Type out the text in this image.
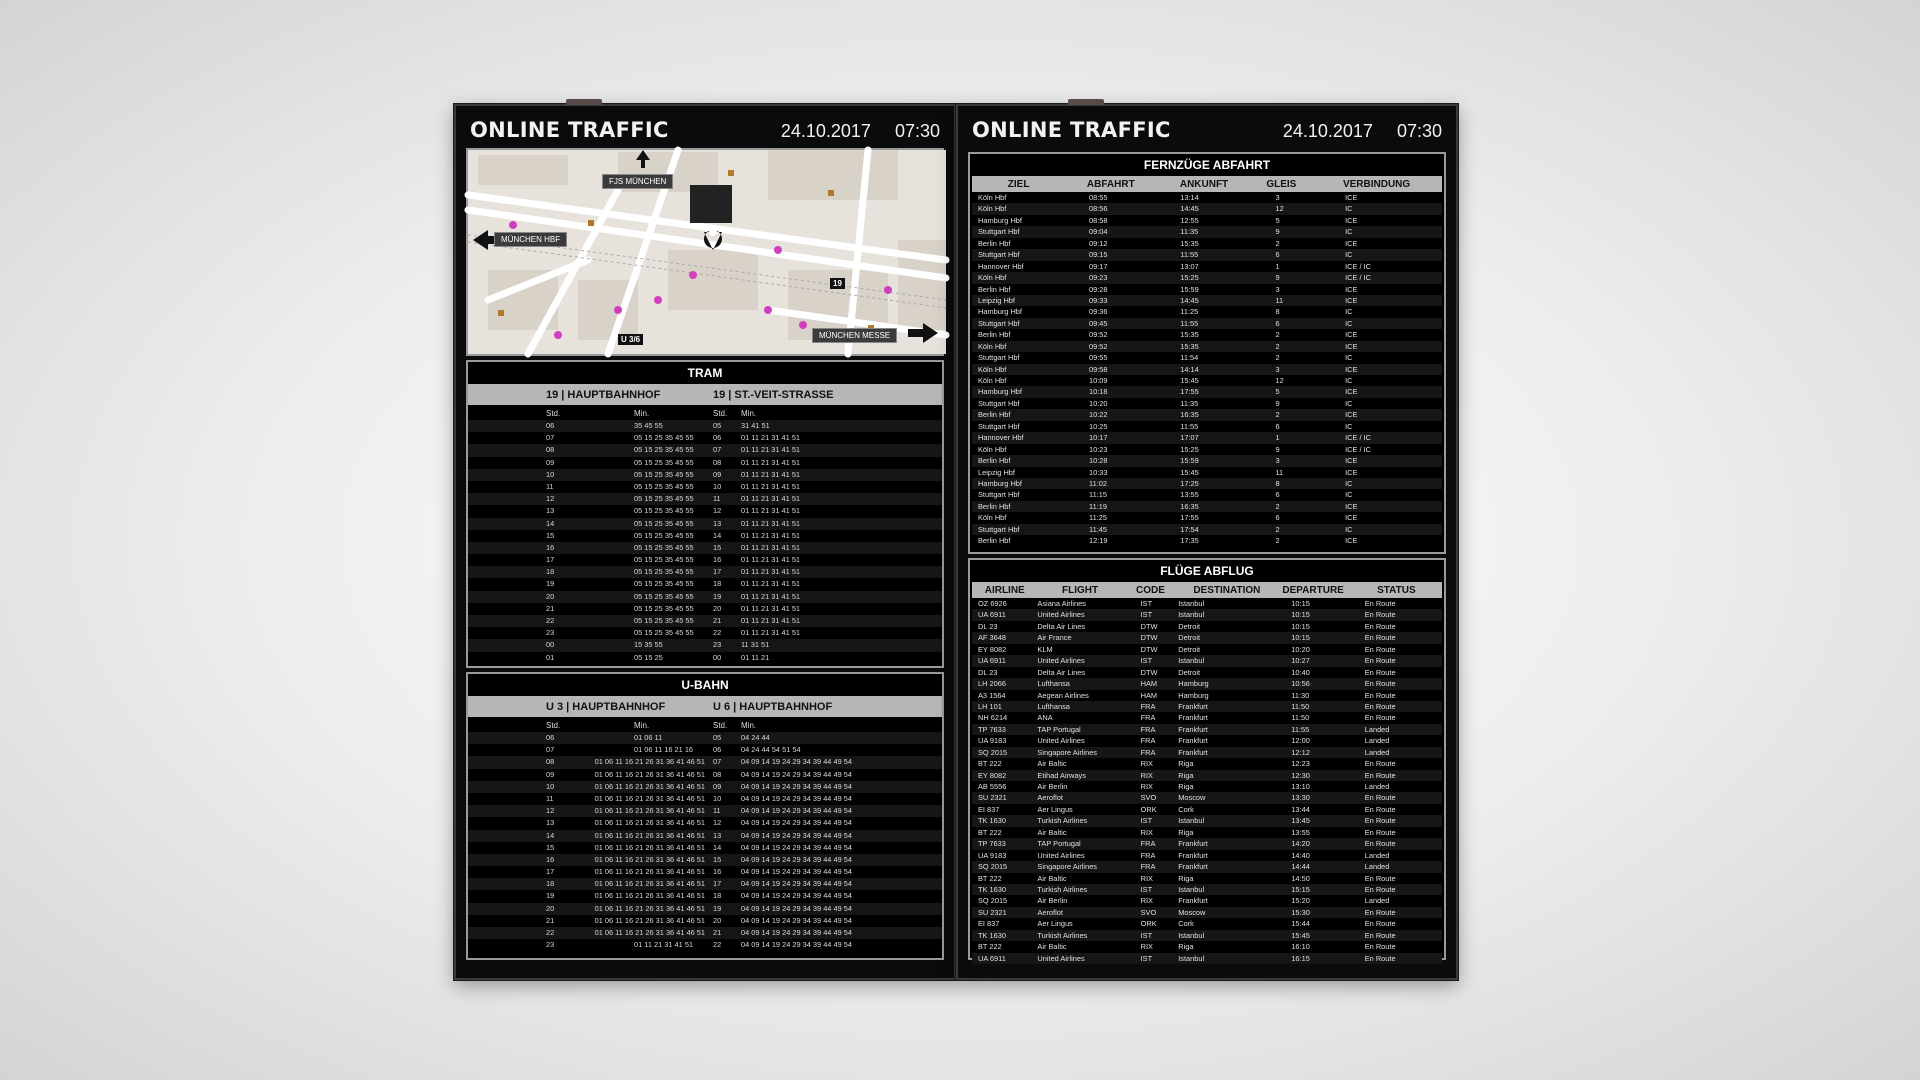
ONLINE TRAFFIC	24.10.2017 07:30
FJS MÜNCHEN
MÜNCHEN HBF
MÜNCHEN MESSE
19
U 3/6
TRAM
19 | HAUPTBAHNHOF
Std.	Min.
06	35 45 55
07	05 15 25 35 45 55
08	05 15 25 35 45 55
09	05 15 25 35 45 55
10	05 15 25 35 45 55
11	05 15 25 35 45 55
12	05 15 25 35 45 55
13	05 15 25 35 45 55
14	05 15 25 35 45 55
15	05 15 25 35 45 55
16	05 15 25 35 45 55
17	05 15 25 35 45 55
18	05 15 25 35 45 55
19	05 15 25 35 45 55
20	05 15 25 35 45 55
21	05 15 25 35 45 55
22	05 15 25 35 45 55
23	05 15 25 35 45 55
00	15 35 55
01	05 15 25
19 | ST.-VEIT-STRASSE
Std.	Min.
05	31 41 51
06	01 11 21 31 41 51
07	01 11 21 31 41 51
08	01 11 21 31 41 51
09	01 11 21 31 41 51
10	01 11 21 31 41 51
11	01 11 21 31 41 51
12	01 11 21 31 41 51
13	01 11 21 31 41 51
14	01 11 21 31 41 51
15	01 11 21 31 41 51
16	01 11 21 31 41 51
17	01 11 21 31 41 51
18	01 11 21 31 41 51
19	01 11 21 31 41 51
20	01 11 21 31 41 51
21	01 11 21 31 41 51
22	01 11 21 31 41 51
23	11 31 51
00	01 11 21
U-BAHN
U 3 | HAUPTBAHNHOF
Std.	Min.
06	01 06 11
07	01 06 11 16 21 16
08	01 06 11 16 21 26 31 36 41 46 51
09	01 06 11 16 21 26 31 36 41 46 51
10	01 06 11 16 21 26 31 36 41 46 51
11	01 06 11 16 21 26 31 36 41 46 51
12	01 06 11 16 21 26 31 36 41 46 51
13	01 06 11 16 21 26 31 36 41 46 51
14	01 06 11 16 21 26 31 36 41 46 51
15	01 06 11 16 21 26 31 36 41 46 51
16	01 06 11 16 21 26 31 36 41 46 51
17	01 06 11 16 21 26 31 36 41 46 51
18	01 06 11 16 21 26 31 36 41 46 51
19	01 06 11 16 21 26 31 36 41 46 51
20	01 06 11 16 21 26 31 36 41 46 51
21	01 06 11 16 21 26 31 36 41 46 51
22	01 06 11 16 21 26 31 36 41 46 51
23	01 11 21 31 41 51
U 6 | HAUPTBAHNHOF
Std.	Min.
05	04 24 44
06	04 24 44 54 51 54
07	04 09 14 19 24 29 34 39 44 49 54
08	04 09 14 19 24 29 34 39 44 49 54
09	04 09 14 19 24 29 34 39 44 49 54
10	04 09 14 19 24 29 34 39 44 49 54
11	04 09 14 19 24 29 34 39 44 49 54
12	04 09 14 19 24 29 34 39 44 49 54
13	04 09 14 19 24 29 34 39 44 49 54
14	04 09 14 19 24 29 34 39 44 49 54
15	04 09 14 19 24 29 34 39 44 49 54
16	04 09 14 19 24 29 34 39 44 49 54
17	04 09 14 19 24 29 34 39 44 49 54
18	04 09 14 19 24 29 34 39 44 49 54
19	04 09 14 19 24 29 34 39 44 49 54
20	04 09 14 19 24 29 34 39 44 49 54
21	04 09 14 19 24 29 34 39 44 49 54
22	04 09 14 19 24 29 34 39 44 49 54
ONLINE TRAFFIC	24.10.2017 07:30
FERNZÜGE ABFAHRT
ZIEL	ABFAHRT	ANKUNFT	GLEIS	VERBINDUNG
Köln Hbf	08:55	13:14	3	ICE
Köln Hbf	08:56	14:45	12	IC
Hamburg Hbf	08:58	12:55	5	ICE
Stuttgart Hbf	09:04	11:35	9	IC
Berlin Hbf	09:12	15:35	2	ICE
Stuttgart Hbf	09:15	11:55	6	IC
Hannover Hbf	09:17	13:07	1	ICE / IC
Köln Hbf	09:23	15:25	9	ICE / IC
Berlin Hbf	09:28	15:59	3	ICE
Leipzig Hbf	09:33	14:45	11	ICE
Hamburg Hbf	09:36	11:25	8	IC
Stuttgart Hbf	09:45	11:55	6	IC
Berlin Hbf	09:52	15:35	2	ICE
Köln Hbf	09:52	15:35	2	ICE
Stuttgart Hbf	09:55	11:54	2	IC
Köln Hbf	09:58	14:14	3	ICE
Köln Hbf	10:09	15:45	12	IC
Hamburg Hbf	10:18	17:55	5	ICE
Stuttgart Hbf	10:20	11:35	9	IC
Berlin Hbf	10:22	16:35	2	ICE
Stuttgart Hbf	10:25	11:55	6	IC
Hannover Hbf	10:17	17:07	1	ICE / IC
Köln Hbf	10:23	15:25	9	ICE / IC
Berlin Hbf	10:28	15:59	3	ICE
Leipzig Hbf	10:33	15:45	11	ICE
Hamburg Hbf	11:02	17:25	8	IC
Stuttgart Hbf	11:15	13:55	6	IC
Berlin Hbf	11:19	16:35	2	ICE
Köln Hbf	11:25	17:55	6	ICE
Stuttgart Hbf	11:45	17:54	2	IC
Berlin Hbf	12:19	17:35	2	ICE
FLÜGE ABFLUG
AIRLINE	FLIGHT	CODE	DESTINATION	DEPARTURE	STATUS
OZ 6926	Asiana Airlines	IST	Istanbul	10:15	En Route
UA 6911	United Airlines	IST	Istanbul	10:15	En Route
DL 23	Delta Air Lines	DTW	Detroit	10:15	En Route
AF 3648	Air France	DTW	Detroit	10:15	En Route
EY 8082	KLM	DTW	Detroit	10:20	En Route
UA 6911	United Airlines	IST	Istanbul	10:27	En Route
DL 23	Delta Air Lines	DTW	Detroit	10:40	En Route
LH 2066	Lufthansa	HAM	Hamburg	10:56	En Route
A3 1564	Aegean Airlines	HAM	Hamburg	11:30	En Route
LH 101	Lufthansa	FRA	Frankfurt	11:50	En Route
NH 6214	ANA	FRA	Frankfurt	11:50	En Route
TP 7633	TAP Portugal	FRA	Frankfurt	11:55	Landed
UA 9183	United Airlines	FRA	Frankfurt	12:00	Landed
SQ 2015	Singapore Airlines	FRA	Frankfurt	12:12	Landed
BT 222	Air Baltic	RIX	Riga	12:23	En Route
EY 8082	Etihad Airways	RIX	Riga	12:30	En Route
AB 5556	Air Berlin	RIX	Riga	13:10	Landed
SU 2321	Aeroflot	SVO	Moscow	13:30	En Route
EI 837	Aer Lingus	ORK	Cork	13:44	En Route
TK 1630	Turkish Airlines	IST	Istanbul	13:45	En Route
BT 222	Air Baltic	RIX	Riga	13:55	En Route
TP 7633	TAP Portugal	FRA	Frankfurt	14:20	En Route
UA 9183	United Airlines	FRA	Frankfurt	14:40	Landed
SQ 2015	Singapore Airlines	FRA	Frankfurt	14:44	Landed
BT 222	Air Baltic	RIX	Riga	14:50	En Route
TK 1630	Turkish Airlines	IST	Istanbul	15:15	En Route
SQ 2015	Air Berlin	RIX	Frankfurt	15:20	Landed
SU 2321	Aeroflot	SVO	Moscow	15:30	En Route
EI 837	Aer Lingus	ORK	Cork	15:44	En Route
TK 1630	Turkish Airlines	IST	Istanbul	15:45	En Route
BT 222	Air Baltic	RIX	Riga	16:10	En Route
UA 6911	United Airlines	IST	Istanbul	16:15	En Route
